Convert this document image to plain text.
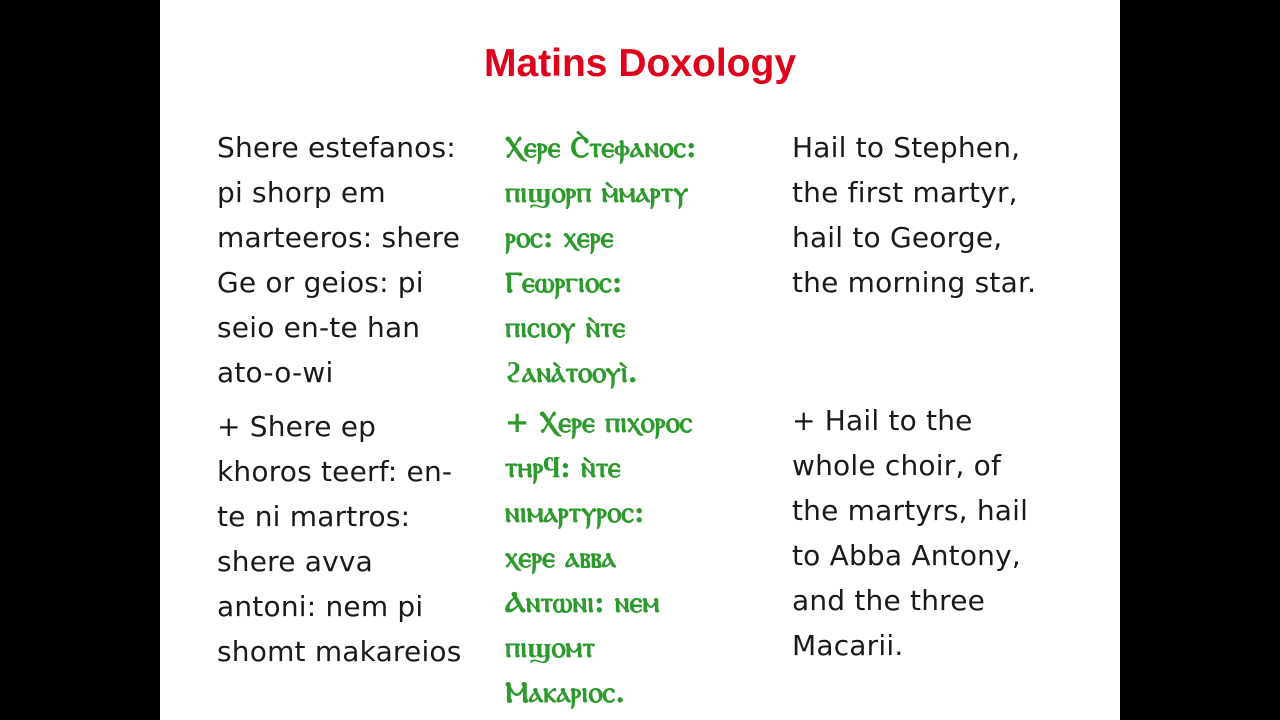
Matins Doxology
Shere estefanos:
pi shorp em
marteeros: shere
Ge or geios: pi
seio en-te han
ato-o-wi
Ⲭⲉⲣⲉ Ⲥ̀ⲧⲉⲫⲁⲛⲟⲥ:
ⲡⲓϣⲟⲣⲡ ⲙ̀ⲙⲁⲣⲧⲩ
ⲣⲟⲥ: ⲭⲉⲣⲉ
Ⲅⲉⲱⲣⲅⲓⲟⲥ:
ⲡⲓⲥⲓⲟⲩ ⲛ̀ⲧⲉ
ϩⲁⲛⲁ̀ⲧⲟⲟⲩⲓ̀.
Hail to Stephen,
the first martyr,
hail to George,
the morning star.
+ Shere ep
khoros teerf: en-
te ni martros:
shere avva
antoni: nem pi
shomt makareios
+ Ⲭⲉⲣⲉ ⲡⲓⲭⲟⲣⲟⲥ
ⲧⲏⲣϥ: ⲛ̀ⲧⲉ
ⲛⲓⲙⲁⲣⲧⲩⲣⲟⲥ:
ⲭⲉⲣⲉ ⲁⲃⲃⲁ
Ⲁⲛⲧⲱⲛⲓ: ⲛⲉⲙ
ⲡⲓϣⲟⲙⲧ
Ⲙⲁⲕⲁⲣⲓⲟⲥ.
+ Hail to the
whole choir, of
the martyrs, hail
to Abba Antony,
and the three
Macarii.
